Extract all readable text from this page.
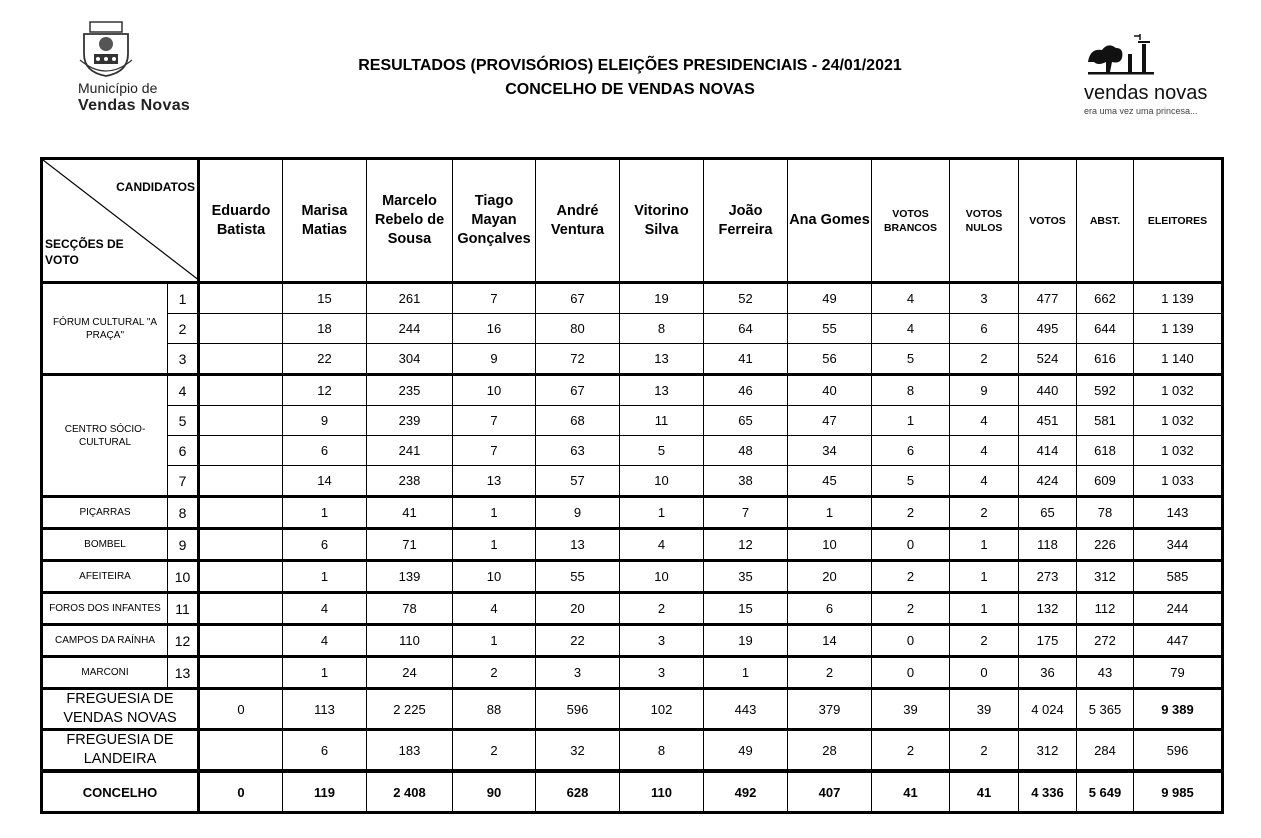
Município de
Vendas Novas
RESULTADOS (PROVISÓRIOS) ELEIÇÕES PRESIDENCIAIS - 24/01/2021
CONCELHO DE VENDAS NOVAS	vendas novas
era uma vez uma princesa...
CANDIDATOS
SECÇÕES DE VOTO		Eduardo Batista	Marisa Matias	Marcelo Rebelo de Sousa	Tiago Mayan Gonçalves	André Ventura	Vitorino Silva	João Ferreira	Ana Gomes	VOTOS BRANCOS	VOTOS NULOS	VOTOS	ABST.	ELEITORES
FÓRUM CULTURAL "A PRAÇA"	1		15	261	7	67	19	52	49	4	3	477	662	1 139
	2		18	244	16	80	8	64	55	4	6	495	644	1 139
	3		22	304	9	72	13	41	56	5	2	524	616	1 140
CENTRO SÓCIO-CULTURAL	4		12	235	10	67	13	46	40	8	9	440	592	1 032
	5		9	239	7	68	11	65	47	1	4	451	581	1 032
	6		6	241	7	63	5	48	34	6	4	414	618	1 032
	7		14	238	13	57	10	38	45	5	4	424	609	1 033
PIÇARRAS	8		1	41	1	9	1	7	1	2	2	65	78	143
BOMBEL	9		6	71	1	13	4	12	10	0	1	118	226	344
AFEITEIRA	10		1	139	10	55	10	35	20	2	1	273	312	585
FOROS DOS INFANTES	11		4	78	4	20	2	15	6	2	1	132	112	244
CAMPOS DA RAÍNHA	12		4	110	1	22	3	19	14	0	2	175	272	447
MARCONI	13		1	24	2	3	3	1	2	0	0	36	43	79
FREGUESIA DE VENDAS NOVAS		0	113	2 225	88	596	102	443	379	39	39	4 024	5 365	9 389
FREGUESIA DE LANDEIRA			6	183	2	32	8	49	28	2	2	312	284	596
CONCELHO		0	119	2 408	90	628	110	492	407	41	41	4 336	5 649	9 985
